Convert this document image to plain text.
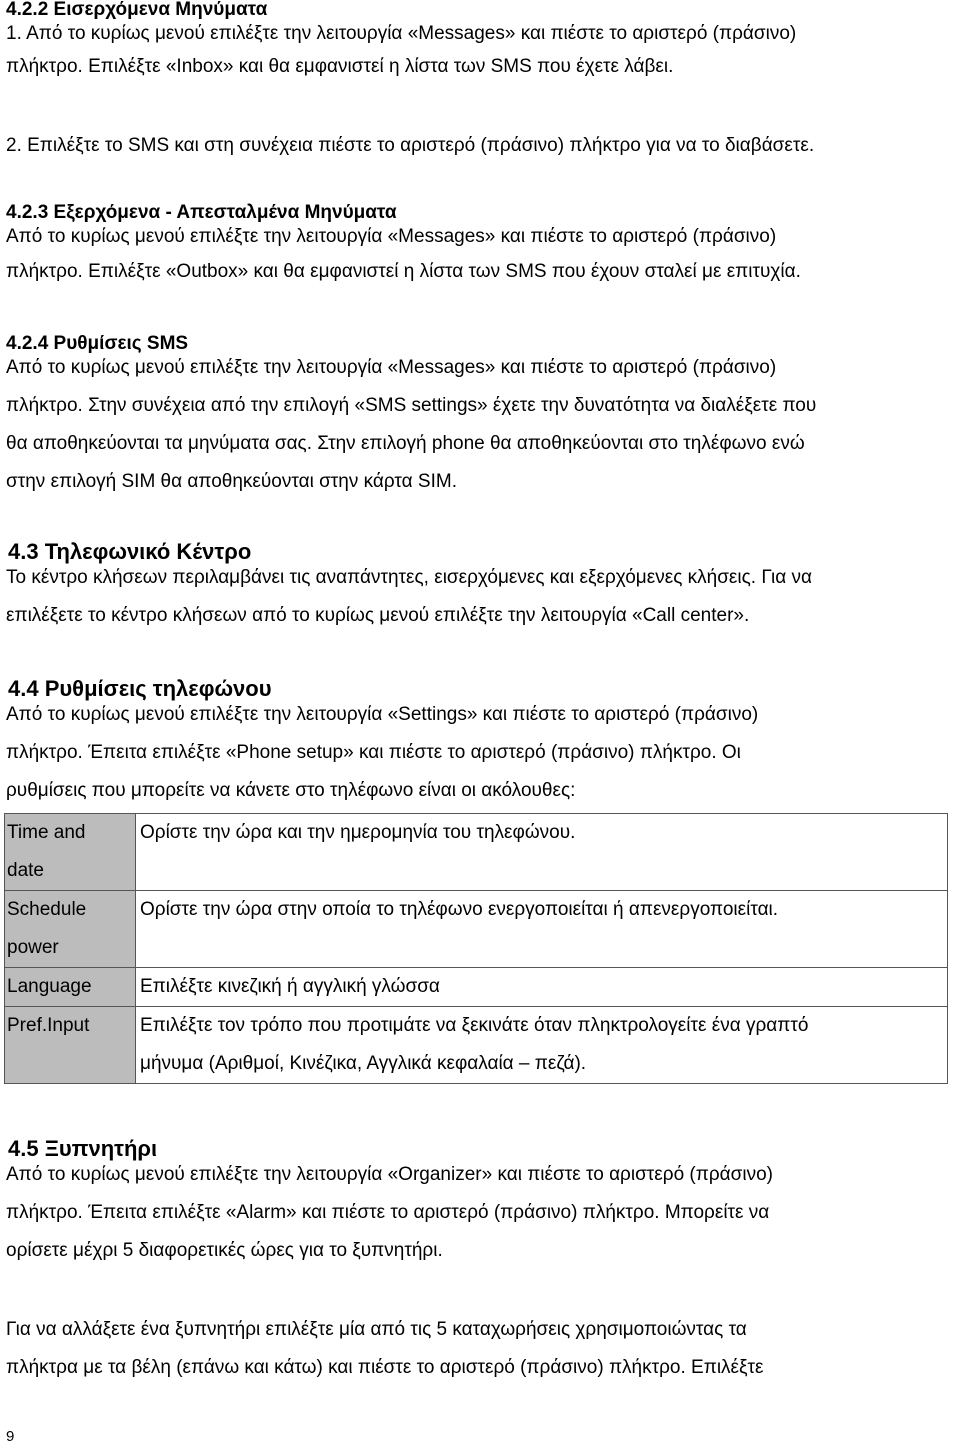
4.2.2 Εισερχόμενα Μηνύματα

1. Από το κυρίως μενού επιλέξτε την λειτουργία «Messages» και πιέστε το αριστερό (πράσινο)

πλήκτρο. Επιλέξτε «Inbox» και θα εμφανιστεί η λίστα των SMS που έχετε λάβει.

2. Επιλέξτε το SMS και στη συνέχεια πιέστε το αριστερό (πράσινο) πλήκτρο για να το διαβάσετε.

4.2.3 Εξερχόμενα - Απεσταλμένα Μηνύματα

Από το κυρίως μενού επιλέξτε την λειτουργία «Messages» και πιέστε το αριστερό (πράσινο)

πλήκτρο. Επιλέξτε «Outbox» και θα εμφανιστεί η λίστα των SMS που έχουν σταλεί με επιτυχία.

4.2.4 Ρυθμίσεις SMS

Από το κυρίως μενού επιλέξτε την λειτουργία «Messages» και πιέστε το αριστερό (πράσινο)

πλήκτρο. Στην συνέχεια από την επιλογή «SMS settings» έχετε την δυνατότητα να διαλέξετε που

θα αποθηκεύονται τα μηνύματα σας. Στην επιλογή phone θα αποθηκεύονται στο τηλέφωνο ενώ

στην επιλογή SIM θα αποθηκεύονται στην κάρτα SIM.

4.3 Τηλεφωνικό Κέντρο

Το κέντρο κλήσεων περιλαμβάνει τις αναπάντητες, εισερχόμενες και εξερχόμενες κλήσεις. Για να

επιλέξετε το κέντρο κλήσεων από το κυρίως μενού επιλέξτε την λειτουργία «Call center».

4.4 Ρυθμίσεις τηλεφώνου

Από το κυρίως μενού επιλέξτε την λειτουργία «Settings» και πιέστε το αριστερό (πράσινο)

πλήκτρο. Έπειτα επιλέξτε «Phone setup» και πιέστε το αριστερό (πράσινο) πλήκτρο. Οι

ρυθμίσεις που μπορείτε να κάνετε στο τηλέφωνο είναι οι ακόλουθες:

Time and
date	Ορίστε την ώρα και την ημερομηνία του τηλεφώνου.

Schedule
power	Ορίστε την ώρα στην οποία το τηλέφωνο ενεργοποιείται ή απενεργοποιείται.

Language	Επιλέξτε κινεζική ή αγγλική γλώσσα

Pref.Input	Επιλέξτε τον τρόπο που προτιμάτε να ξεκινάτε όταν πληκτρολογείτε ένα γραπτό
μήνυμα (Αριθμοί, Κινέζικα, Αγγλικά κεφαλαία – πεζά).
4.5 Ξυπνητήρι

Από το κυρίως μενού επιλέξτε την λειτουργία «Organizer» και πιέστε το αριστερό (πράσινο)

πλήκτρο. Έπειτα επιλέξτε «Alarm» και πιέστε το αριστερό (πράσινο) πλήκτρο. Μπορείτε να

ορίσετε μέχρι 5 διαφορετικές ώρες για το ξυπνητήρι.

Για να αλλάξετε ένα ξυπνητήρι επιλέξτε μία από τις 5 καταχωρήσεις χρησιμοποιώντας τα

πλήκτρα με τα βέλη (επάνω και κάτω) και πιέστε το αριστερό (πράσινο) πλήκτρο. Επιλέξτε

9
